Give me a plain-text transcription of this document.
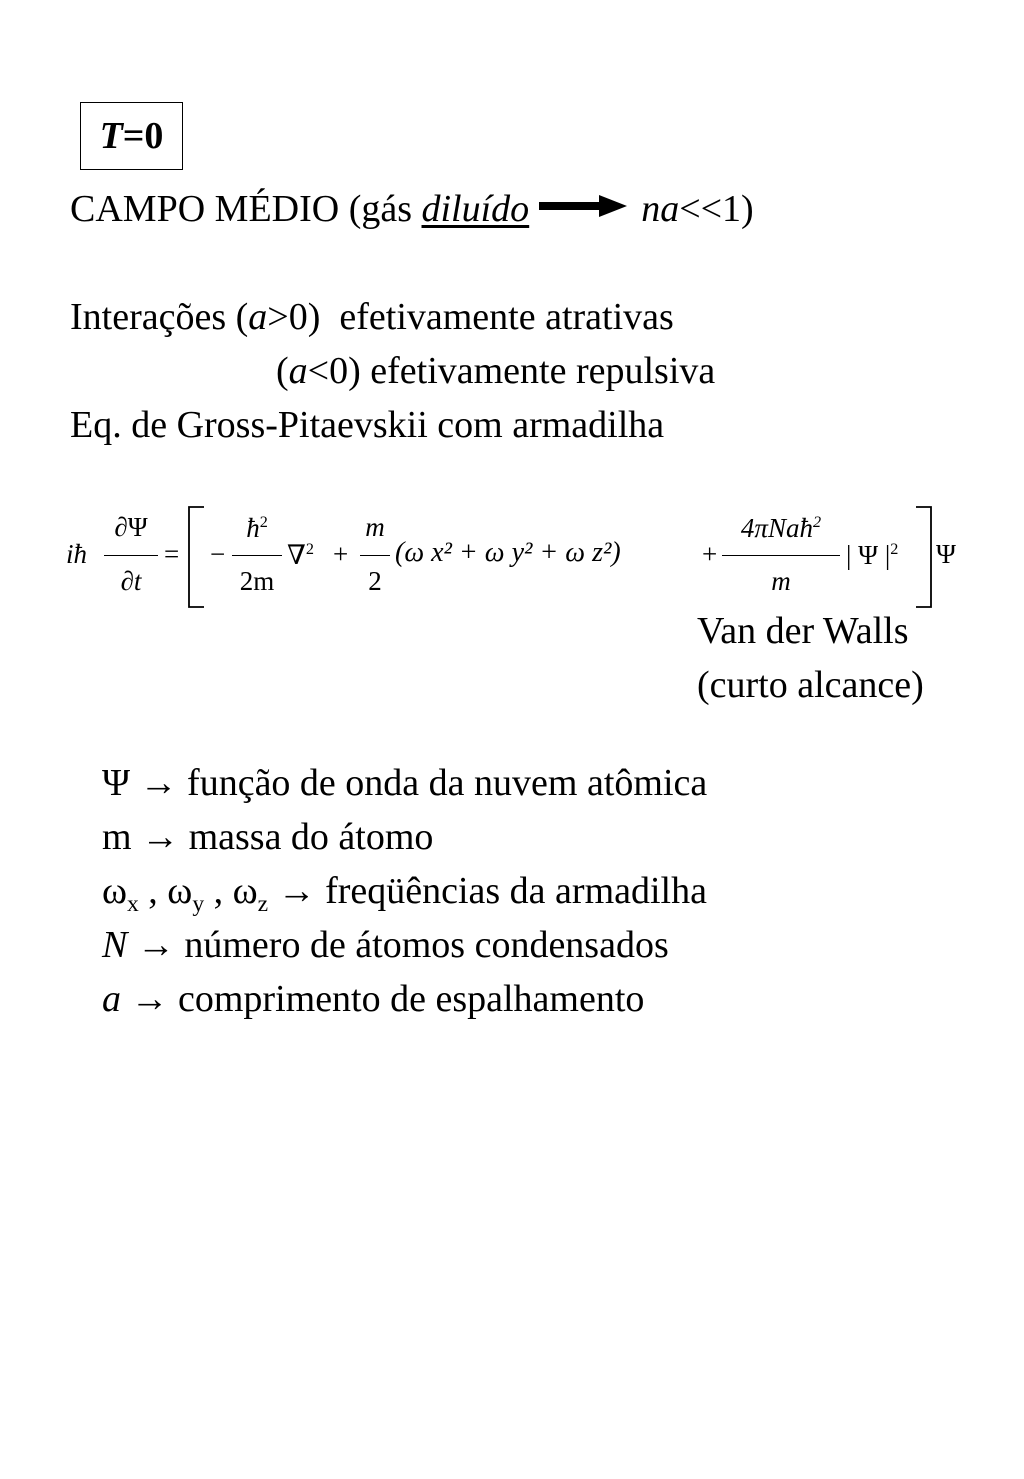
T =0
CAMPO MÉDIO (gás diluído	na<<1)
Interações (a>0) efetivamente atrativas
(a<0) efetivamente repulsiva
Eq. de Gross-Pitaevskii com armadilha
iħ
∂Ψ
∂t
= −
$ħ^2$
2m
∇$^2$ +
m
2
(ω x² + ω y² + ω z²)	+
4πNaħ$^2$
m
| Ψ $|^2$ Ψ
Van der Walls
(curto alcance)
Ψ → função de onda da nuvem atômica
m → massa do átomo
$\omega_x$ , $\omega_y$ , $\omega_z$ → freqüências da armadilha
N → número de átomos condensados
a → comprimento de espalhamento
